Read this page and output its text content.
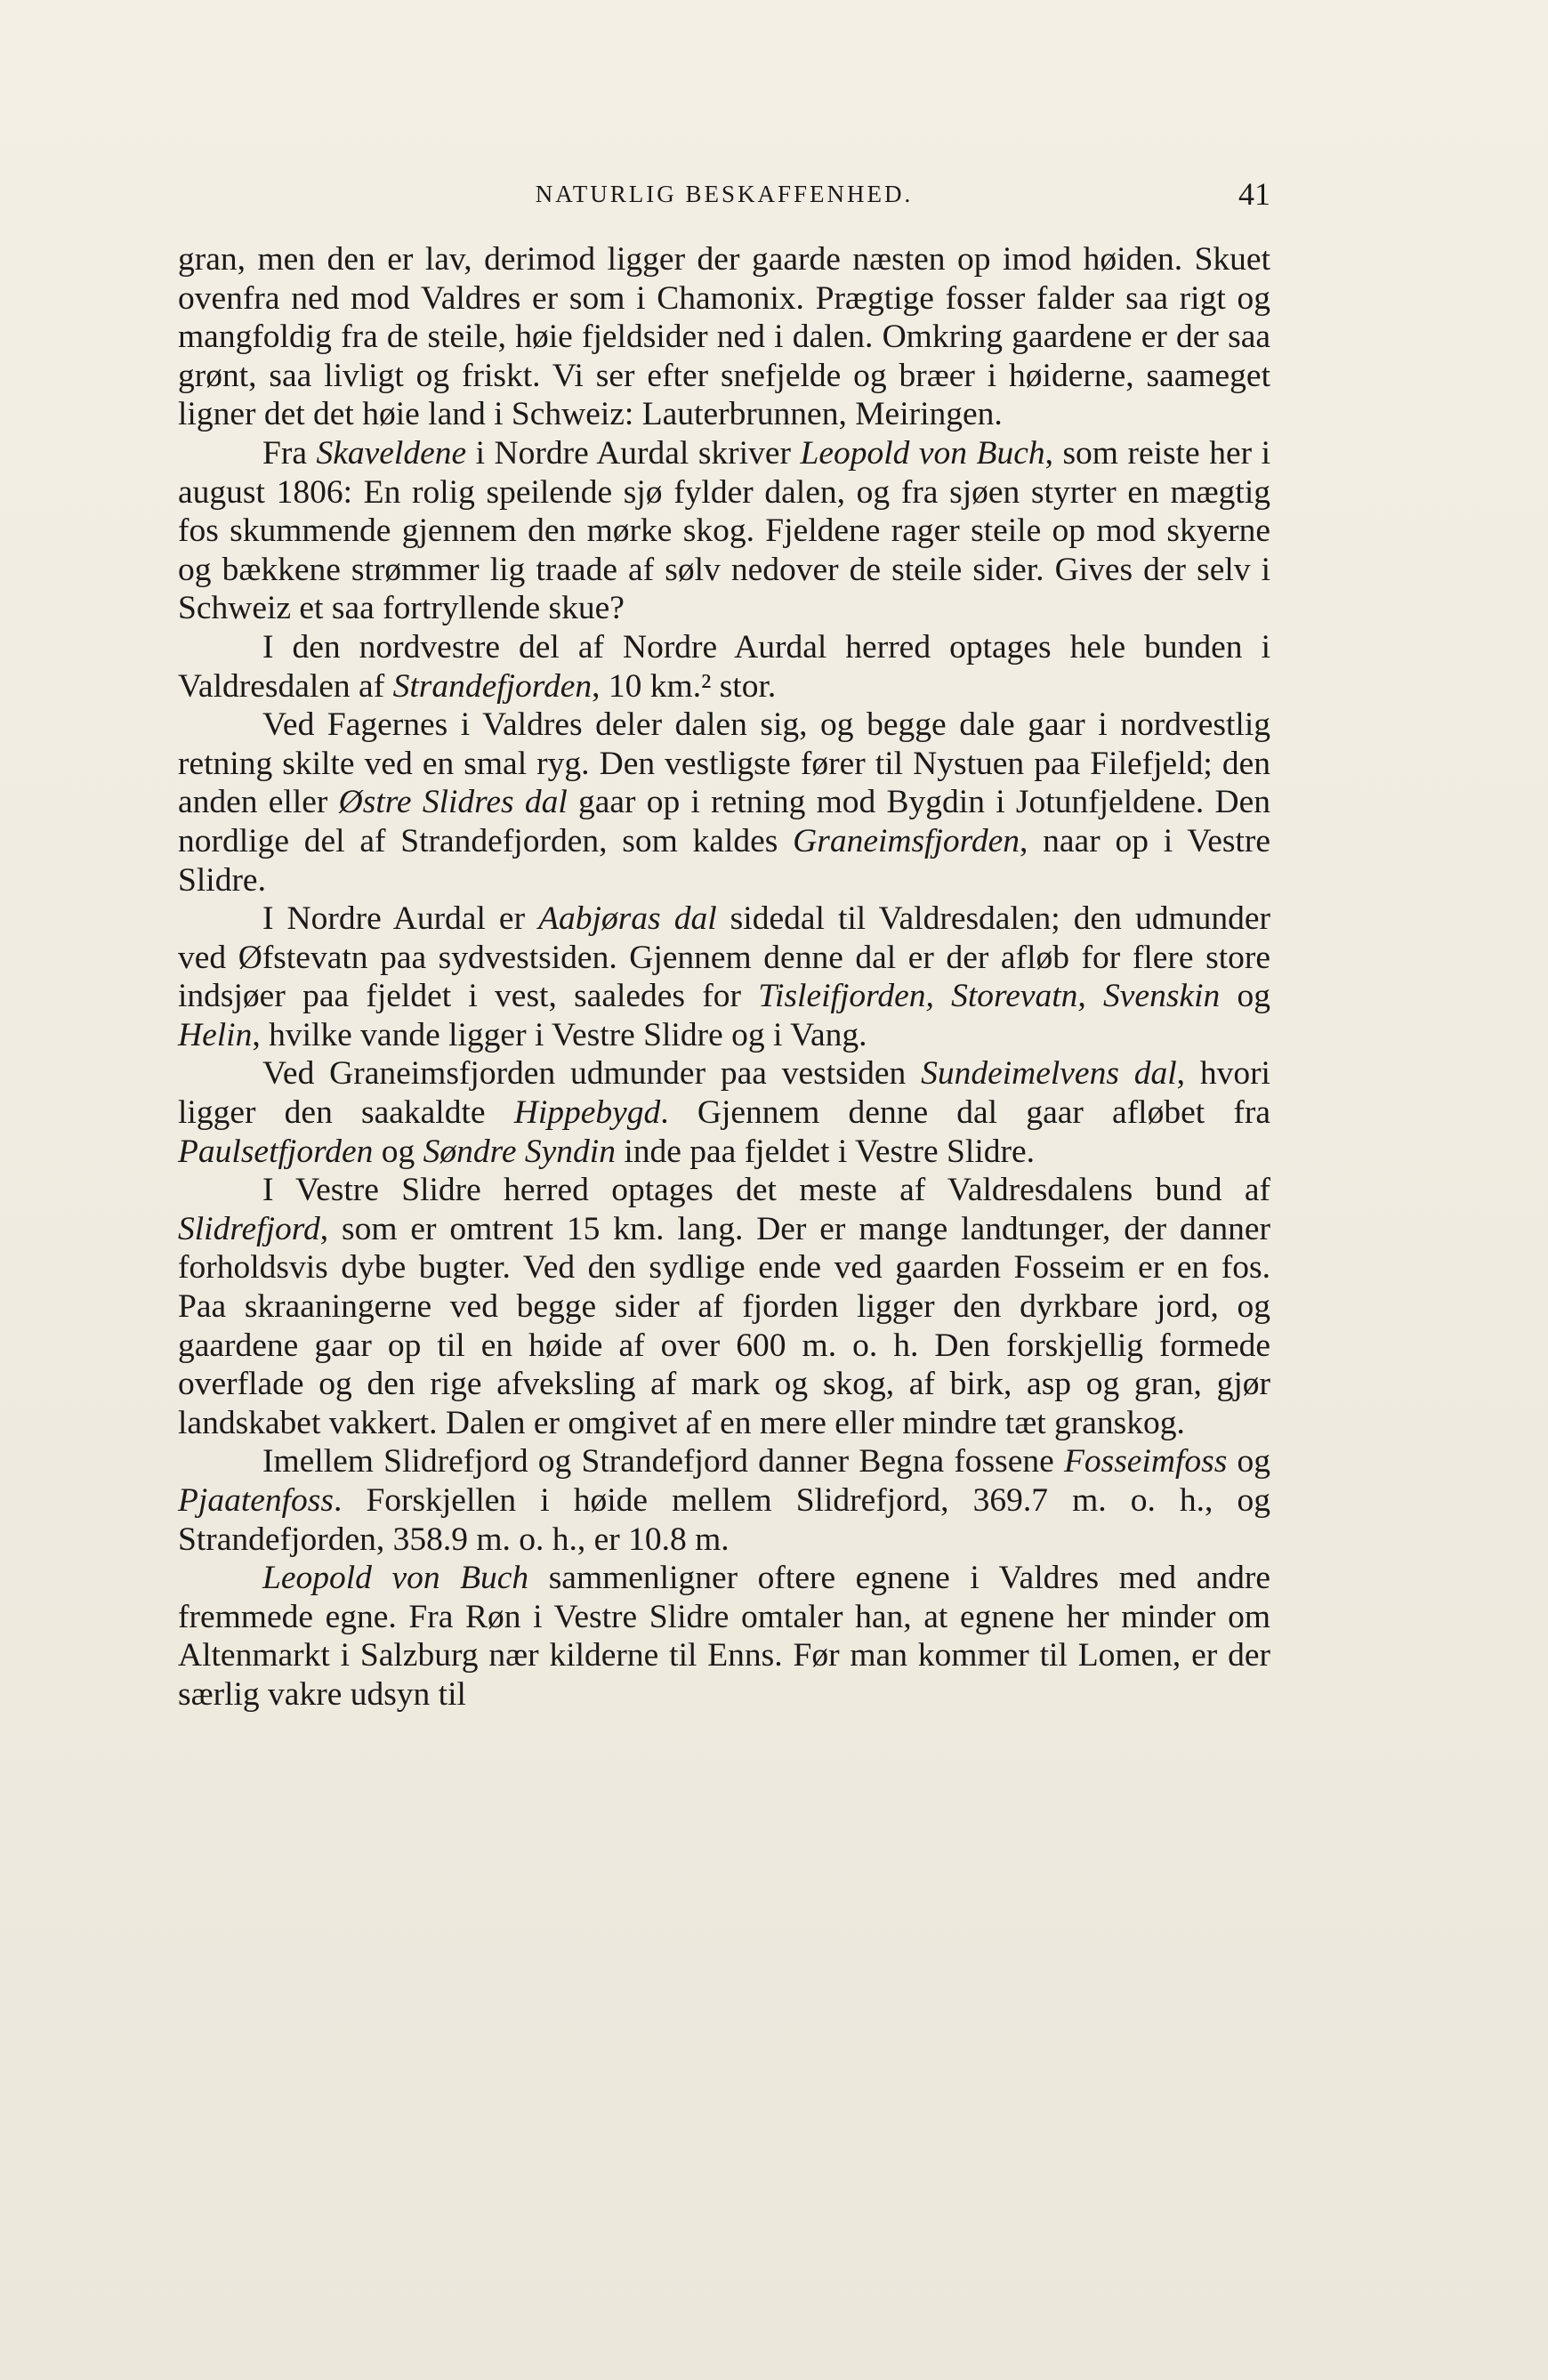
NATURLIG BESKAFFENHED.	41

gran, men den er lav, derimod ligger der gaarde næsten op imod høiden. Skuet ovenfra ned mod Valdres er som i Chamonix. Prægtige fosser falder saa rigt og mangfoldig fra de steile, høie fjeldsider ned i dalen. Omkring gaardene er der saa grønt, saa livligt og friskt. Vi ser efter snefjelde og bræer i høiderne, saameget ligner det det høie land i Schweiz: Lauterbrunnen, Meiringen.

Fra Skaveldene i Nordre Aurdal skriver Leopold von Buch, som reiste her i august 1806: En rolig speilende sjø fylder dalen, og fra sjøen styrter en mægtig fos skummende gjennem den mørke skog. Fjeldene rager steile op mod skyerne og bækkene strømmer lig traade af sølv nedover de steile sider. Gives der selv i Schweiz et saa fortryllende skue?

I den nordvestre del af Nordre Aurdal herred optages hele bunden i Valdresdalen af Strandefjorden, 10 km.² stor.

Ved Fagernes i Valdres deler dalen sig, og begge dale gaar i nordvestlig retning skilte ved en smal ryg. Den vestligste fører til Nystuen paa Filefjeld; den anden eller Østre Slidres dal gaar op i retning mod Bygdin i Jotunfjeldene. Den nordlige del af Strandefjorden, som kaldes Graneimsfjorden, naar op i Vestre Slidre.

I Nordre Aurdal er Aabjøras dal sidedal til Valdresdalen; den udmunder ved Øfstevatn paa sydvestsiden. Gjennem denne dal er der afløb for flere store indsjøer paa fjeldet i vest, saaledes for Tisleifjorden, Storevatn, Svenskin og Helin, hvilke vande ligger i Vestre Slidre og i Vang.

Ved Graneimsfjorden udmunder paa vestsiden Sundeimelvens dal, hvori ligger den saakaldte Hippebygd. Gjennem denne dal gaar afløbet fra Paulsetfjorden og Søndre Syndin inde paa fjeldet i Vestre Slidre.

I Vestre Slidre herred optages det meste af Valdresdalens bund af Slidrefjord, som er omtrent 15 km. lang. Der er mange landtunger, der danner forholdsvis dybe bugter. Ved den sydlige ende ved gaarden Fosseim er en fos. Paa skraaningerne ved begge sider af fjorden ligger den dyrkbare jord, og gaardene gaar op til en høide af over 600 m. o. h. Den forskjellig formede overflade og den rige afveksling af mark og skog, af birk, asp og gran, gjør landskabet vakkert. Dalen er omgivet af en mere eller mindre tæt granskog.

Imellem Slidrefjord og Strandefjord danner Begna fossene Fosseimfoss og Pjaatenfoss. Forskjellen i høide mellem Slidrefjord, 369.7 m. o. h., og Strandefjorden, 358.9 m. o. h., er 10.8 m.

Leopold von Buch sammenligner oftere egnene i Valdres med andre fremmede egne. Fra Røn i Vestre Slidre omtaler han, at egnene her minder om Altenmarkt i Salzburg nær kilderne til Enns. Før man kommer til Lomen, er der særlig vakre udsyn til
